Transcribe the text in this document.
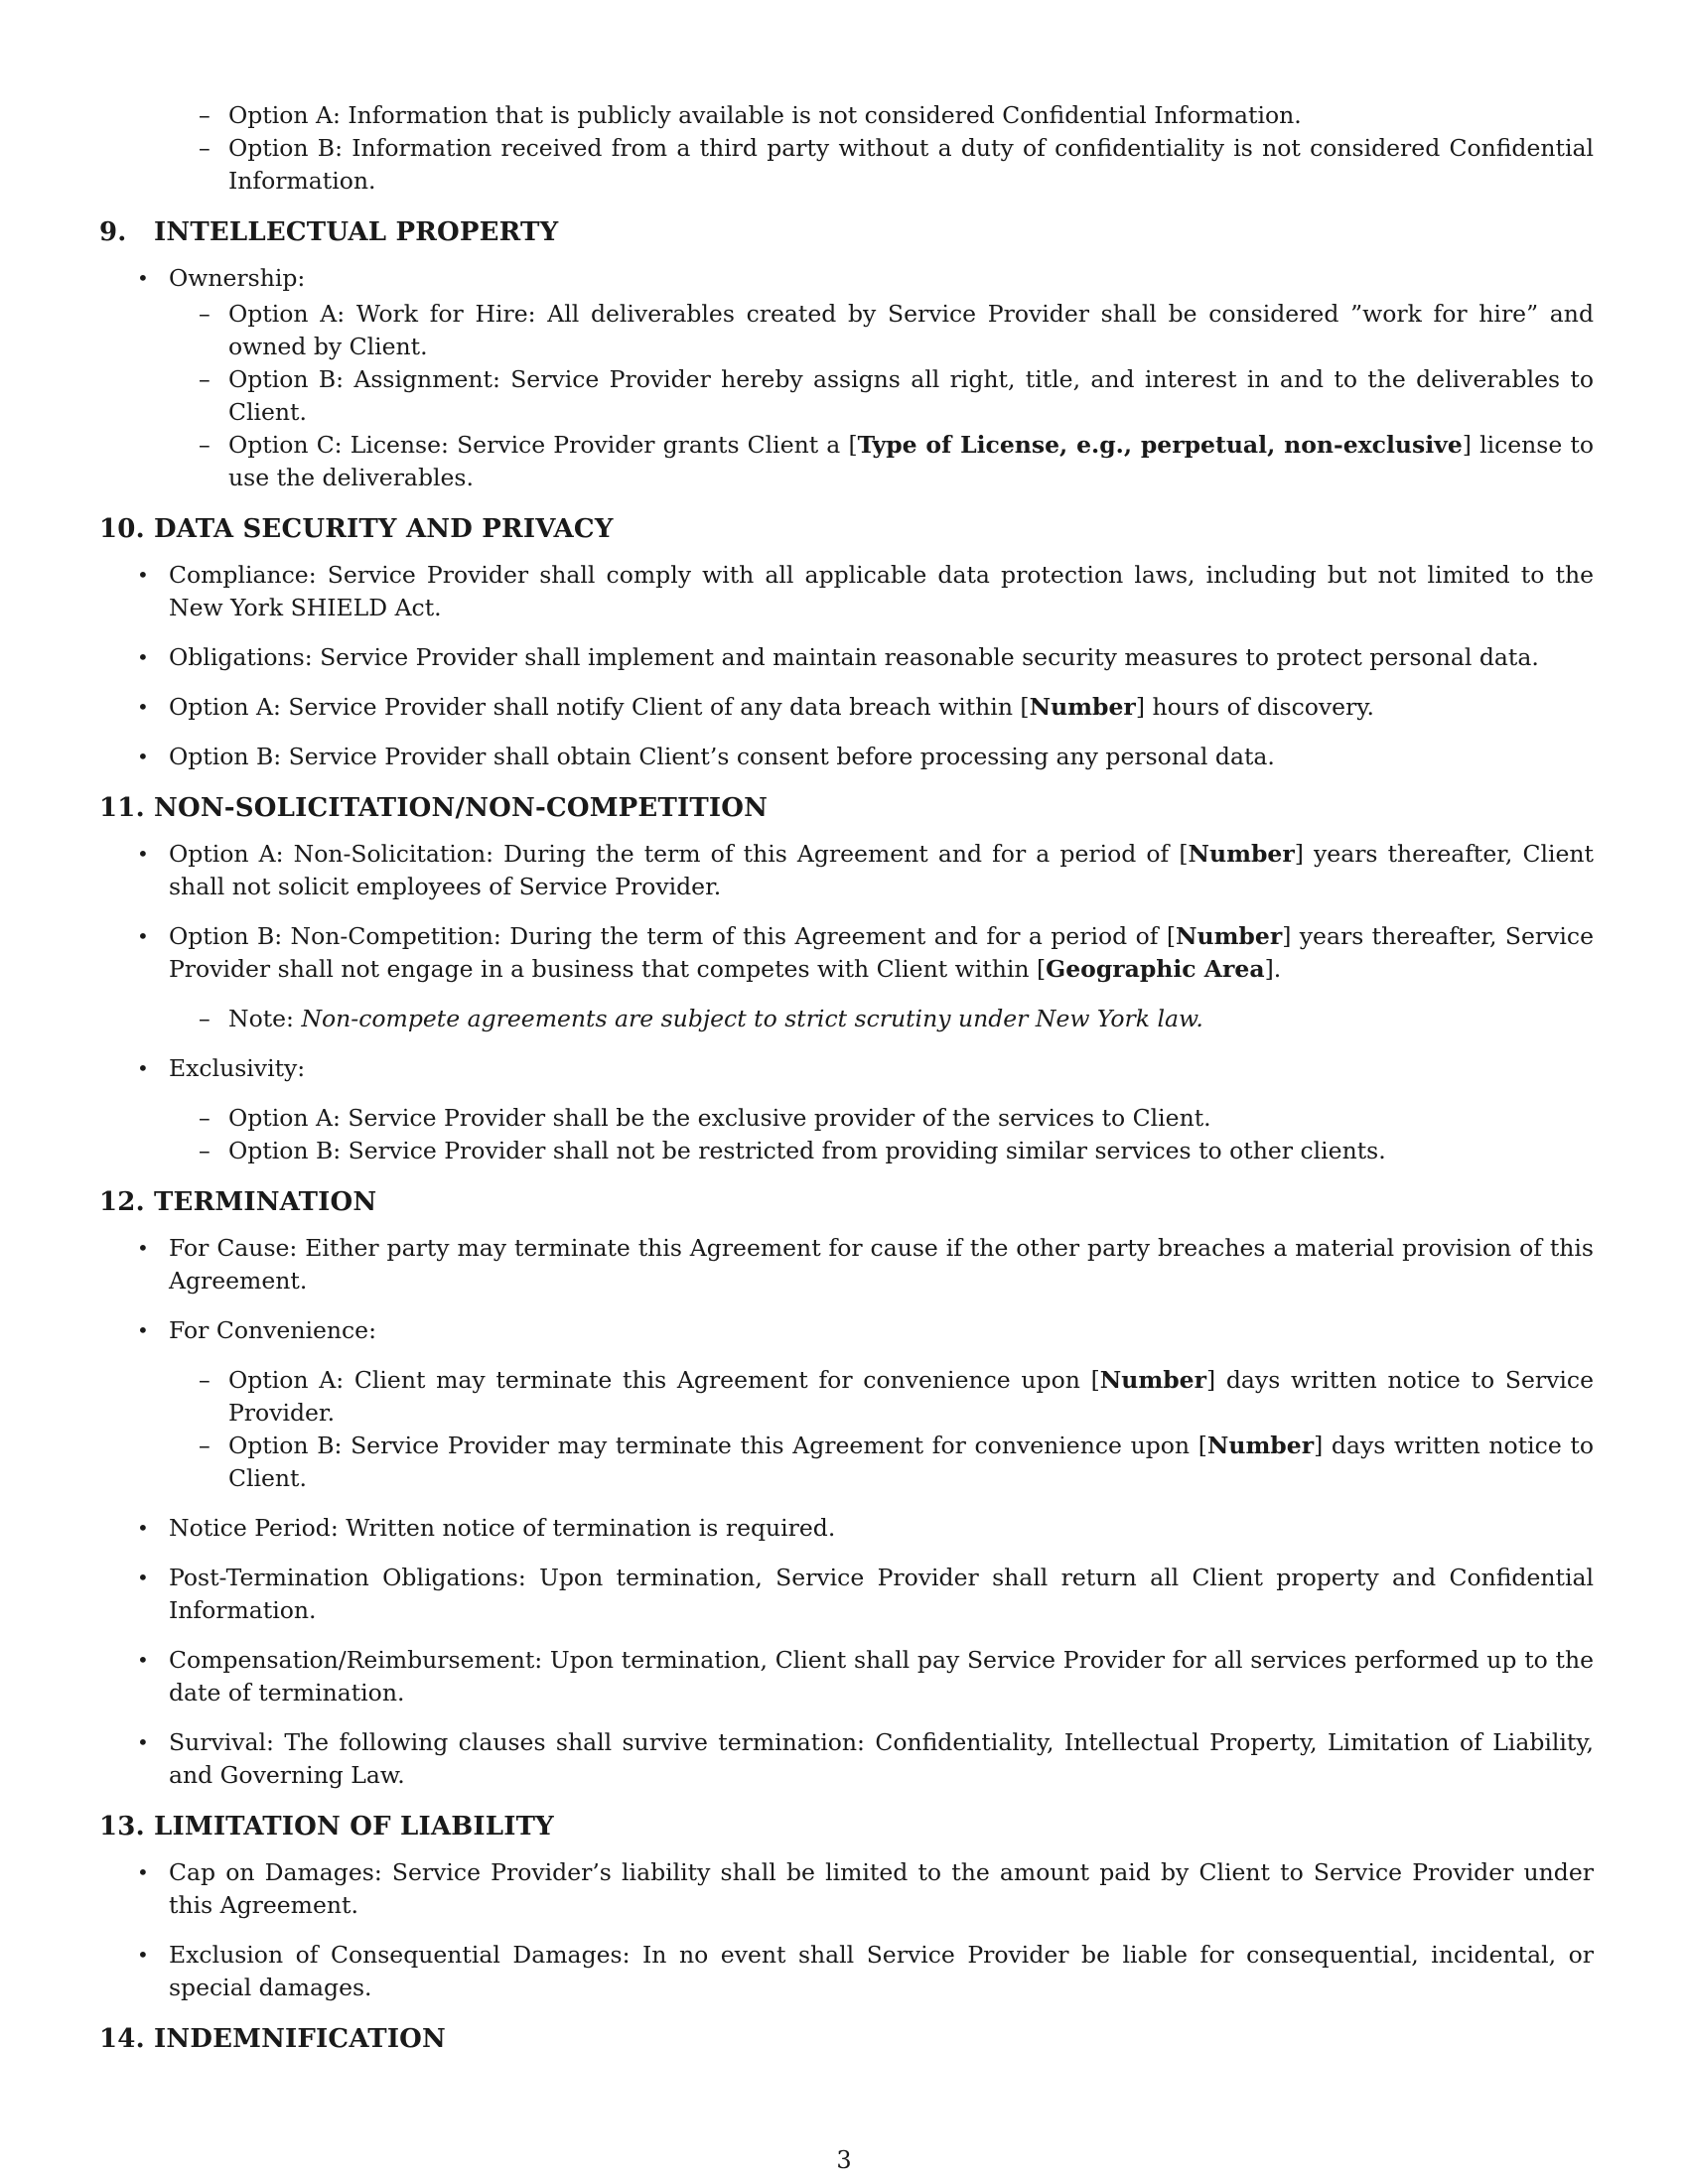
– Option A: Information that is publicly available is not considered Confidential Information.
– Option B: Information received from a third party without a duty of confidentiality is not considered Confidential Information.
9. INTELLECTUAL PROPERTY
• Ownership:
– Option A: Work for Hire: All deliverables created by Service Provider shall be considered ”work for hire” and owned by Client.
– Option B: Assignment: Service Provider hereby assigns all right, title, and interest in and to the deliverables to Client.
– Option C: License: Service Provider grants Client a [Type of License, e.g., perpetual, non-exclusive] license to use the deliverables.
10. DATA SECURITY AND PRIVACY
• Compliance: Service Provider shall comply with all applicable data protection laws, including but not limited to the New York SHIELD Act.
• Obligations: Service Provider shall implement and maintain reasonable security measures to protect personal data.
• Option A: Service Provider shall notify Client of any data breach within [Number] hours of discovery.
• Option B: Service Provider shall obtain Client’s consent before processing any personal data.
11. NON-SOLICITATION/NON-COMPETITION
• Option A: Non-Solicitation: During the term of this Agreement and for a period of [Number] years thereafter, Client shall not solicit employees of Service Provider.
• Option B: Non-Competition: During the term of this Agreement and for a period of [Number] years thereafter, Service Provider shall not engage in a business that competes with Client within [Geographic Area].
– Note: Non-compete agreements are subject to strict scrutiny under New York law.
• Exclusivity:
– Option A: Service Provider shall be the exclusive provider of the services to Client.
– Option B: Service Provider shall not be restricted from providing similar services to other clients.
12. TERMINATION
• For Cause: Either party may terminate this Agreement for cause if the other party breaches a material provision of this Agreement.
• For Convenience:
– Option A: Client may terminate this Agreement for convenience upon [Number] days written notice to Service Provider.
– Option B: Service Provider may terminate this Agreement for convenience upon [Number] days written notice to Client.
• Notice Period: Written notice of termination is required.
• Post-Termination Obligations: Upon termination, Service Provider shall return all Client property and Confidential Information.
• Compensation/Reimbursement: Upon termination, Client shall pay Service Provider for all services performed up to the date of termination.
• Survival: The following clauses shall survive termination: Confidentiality, Intellectual Property, Limitation of Liability, and Governing Law.
13. LIMITATION OF LIABILITY
• Cap on Damages: Service Provider’s liability shall be limited to the amount paid by Client to Service Provider under this Agreement.
• Exclusion of Consequential Damages: In no event shall Service Provider be liable for consequential, incidental, or special damages.
14. INDEMNIFICATION
3
